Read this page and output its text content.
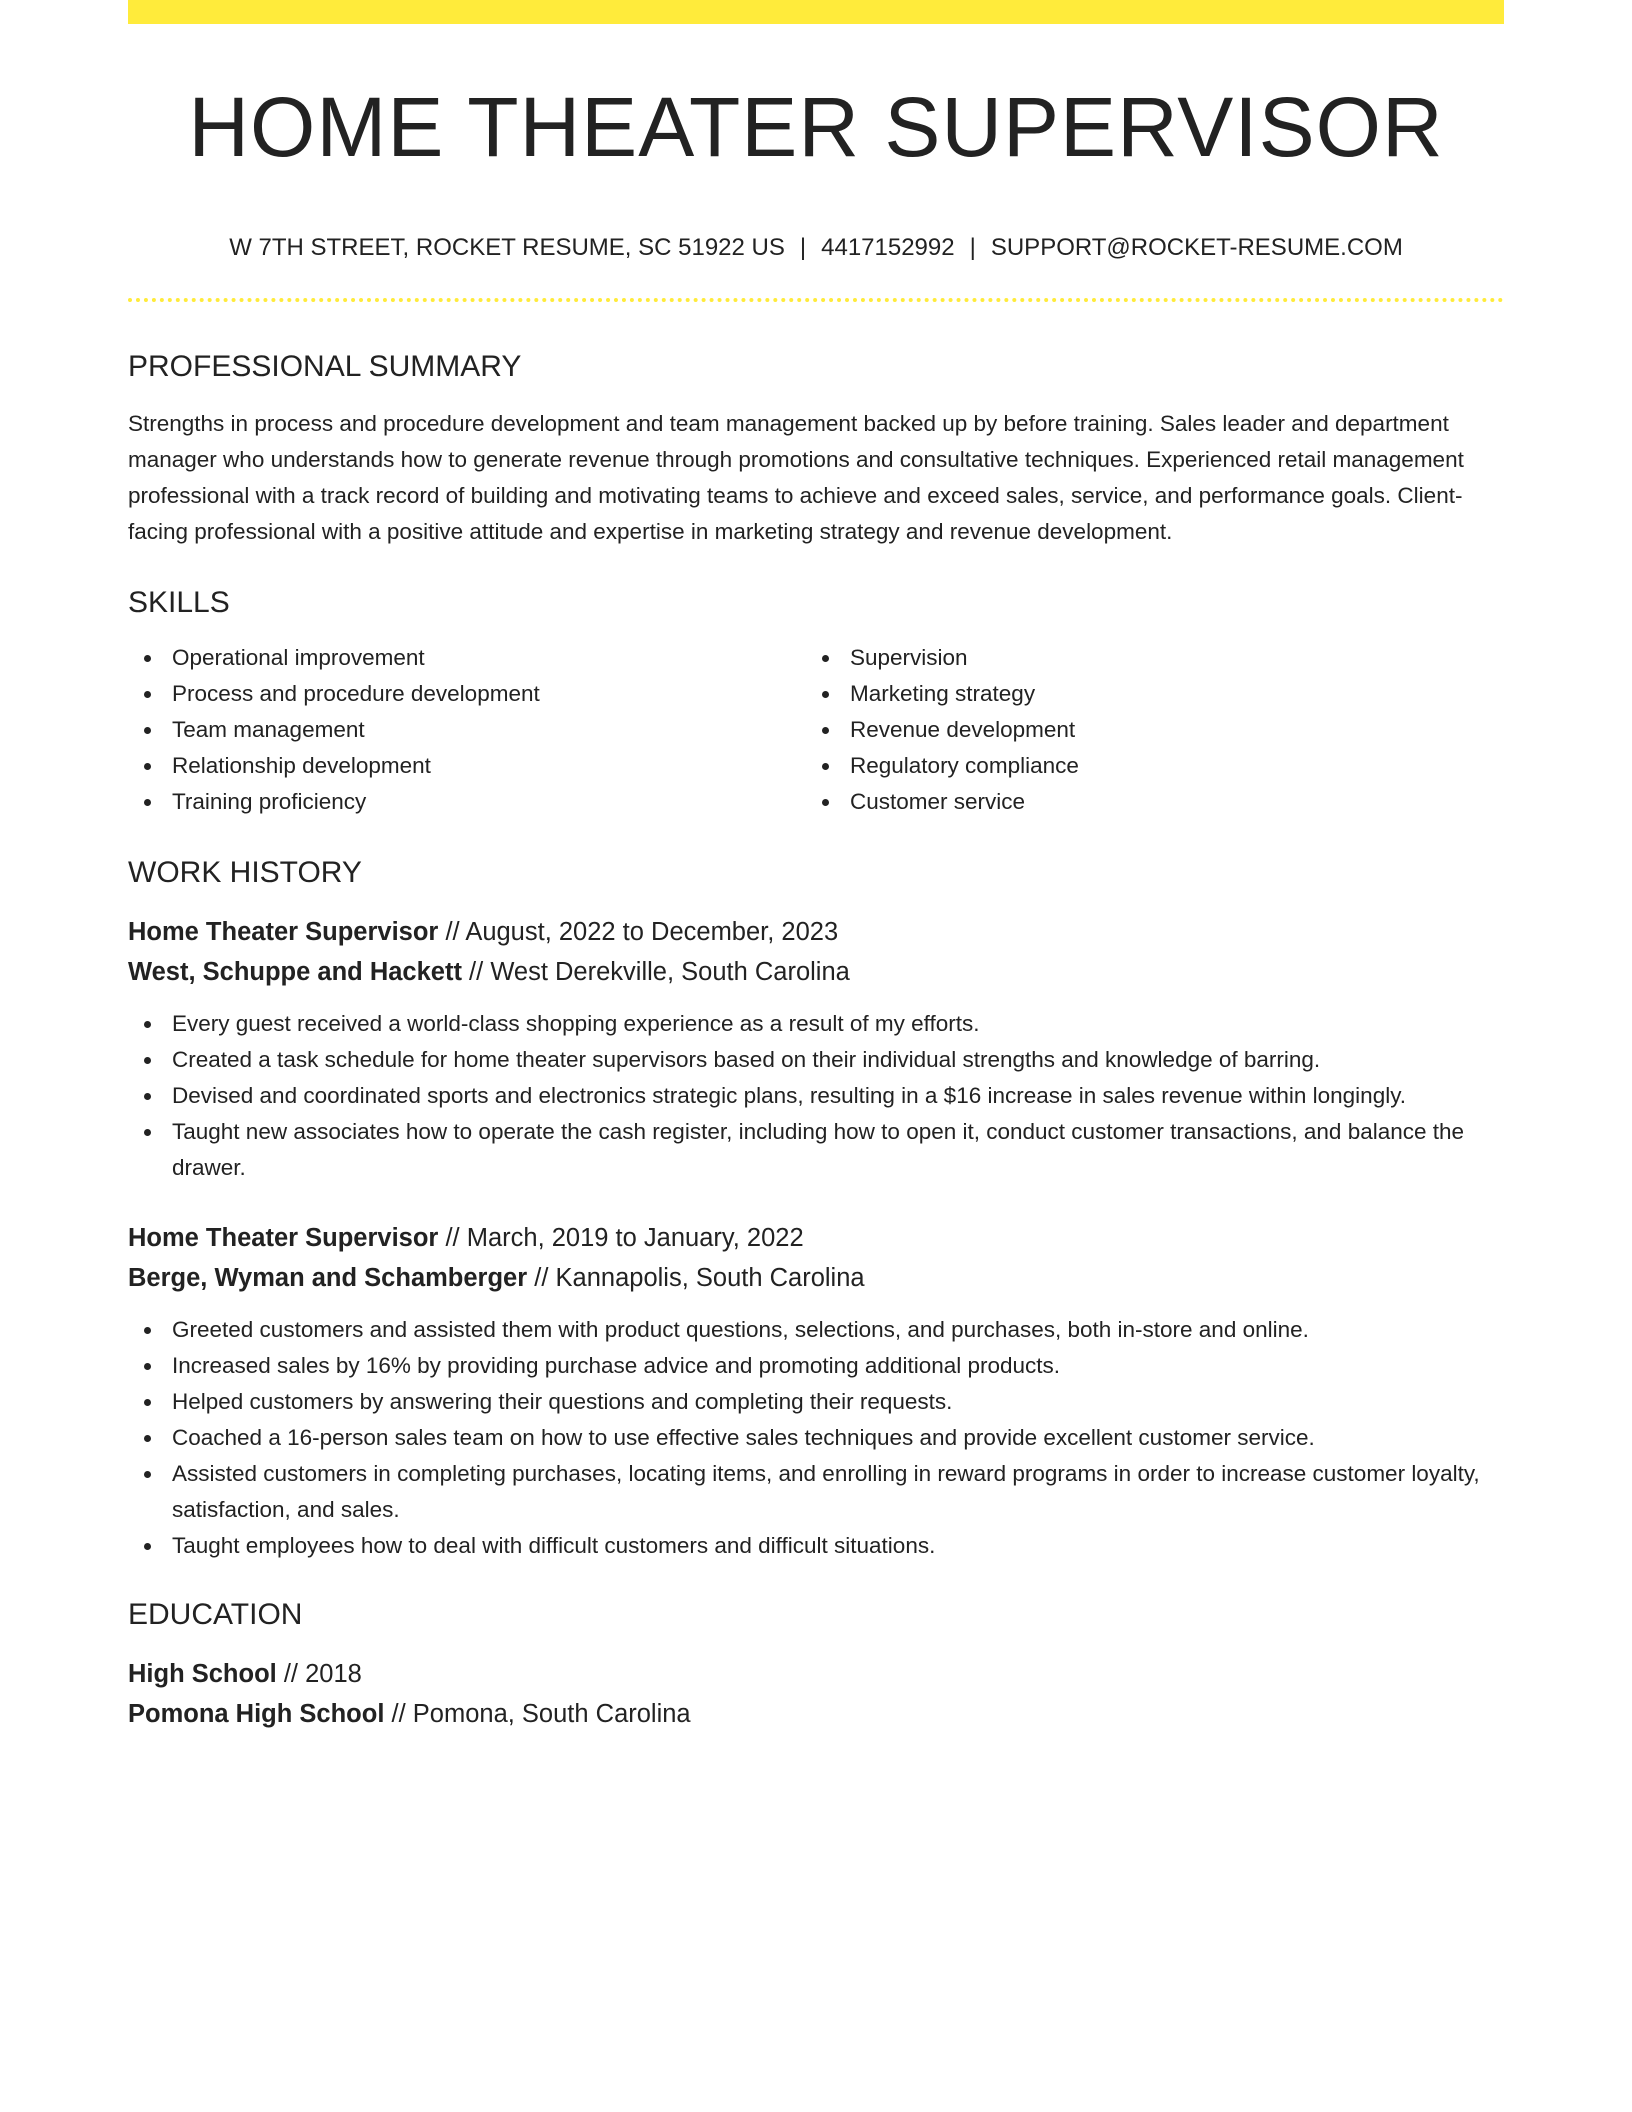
HOME THEATER SUPERVISOR
W 7TH STREET, ROCKET RESUME, SC 51922 US | 4417152992 | SUPPORT@ROCKET-RESUME.COM
PROFESSIONAL SUMMARY
Strengths in process and procedure development and team management backed up by before training. Sales leader and department manager who understands how to generate revenue through promotions and consultative techniques. Experienced retail management professional with a track record of building and motivating teams to achieve and exceed sales, service, and performance goals. Client-facing professional with a positive attitude and expertise in marketing strategy and revenue development.
SKILLS
Operational improvement
Process and procedure development
Team management
Relationship development
Training proficiency
Supervision
Marketing strategy
Revenue development
Regulatory compliance
Customer service
WORK HISTORY
Home Theater Supervisor // August, 2022 to December, 2023
West, Schuppe and Hackett // West Derekville, South Carolina
Every guest received a world-class shopping experience as a result of my efforts.
Created a task schedule for home theater supervisors based on their individual strengths and knowledge of barring.
Devised and coordinated sports and electronics strategic plans, resulting in a $16 increase in sales revenue within longingly.
Taught new associates how to operate the cash register, including how to open it, conduct customer transactions, and balance the drawer.
Home Theater Supervisor // March, 2019 to January, 2022
Berge, Wyman and Schamberger // Kannapolis, South Carolina
Greeted customers and assisted them with product questions, selections, and purchases, both in-store and online.
Increased sales by 16% by providing purchase advice and promoting additional products.
Helped customers by answering their questions and completing their requests.
Coached a 16-person sales team on how to use effective sales techniques and provide excellent customer service.
Assisted customers in completing purchases, locating items, and enrolling in reward programs in order to increase customer loyalty, satisfaction, and sales.
Taught employees how to deal with difficult customers and difficult situations.
EDUCATION
High School // 2018
Pomona High School // Pomona, South Carolina
